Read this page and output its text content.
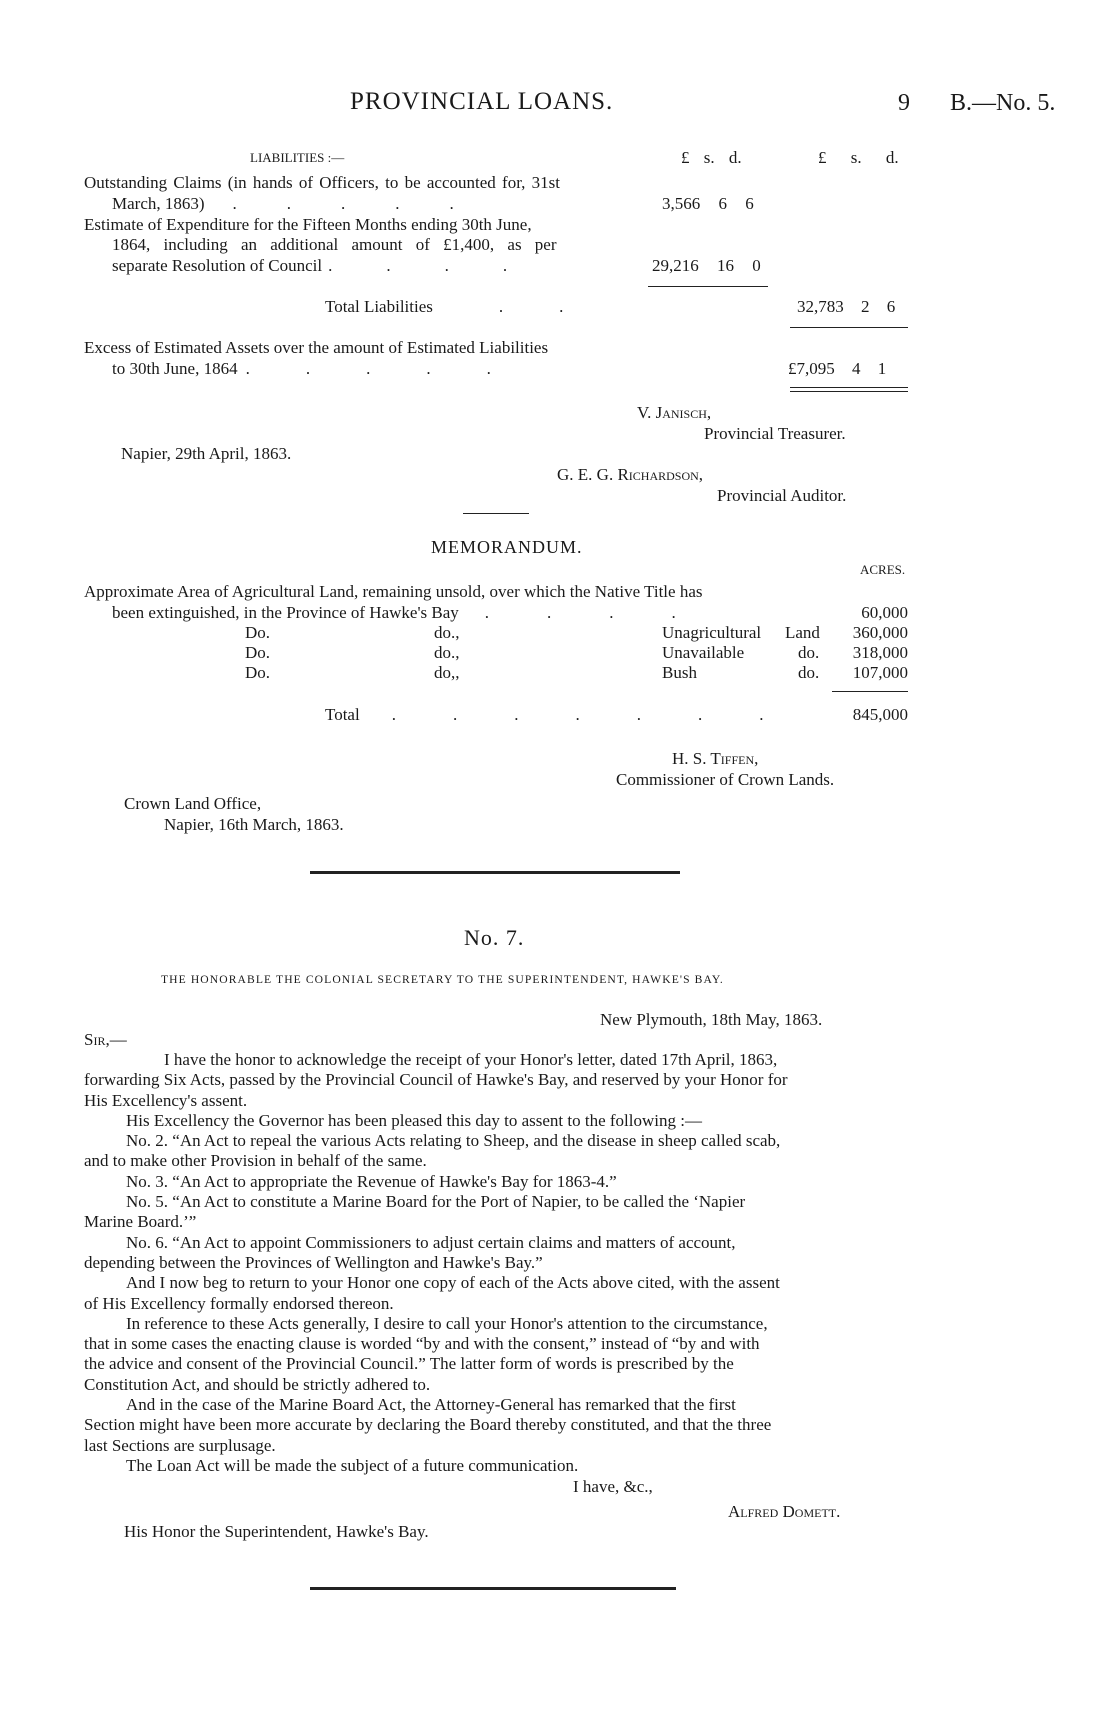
PROVINCIAL LOANS.	9 B.—No. 5.
LIABILITIES :—	£ s. d.	£ s. d.
Outstanding Claims (in hands of Officers, to be accounted for, 31st
March, 1863) .....	3,566 6 6
Estimate of Expenditure for the Fifteen Months ending 30th June,
1864, including an additional amount of £1,400, as per
separate Resolution of Council ....	29,216 16 0
Total Liabilities	..	32,783 2 6
Excess of Estimated Assets over the amount of Estimated Liabilities
to 30th June, 1864 .....	£7,095 4 1
V. Janisch,
Provincial Treasurer.
Napier, 29th April, 1863.
G. E. G. Richardson,
Provincial Auditor.
MEMORANDUM.
ACRES.
Approximate Area of Agricultural Land, remaining unsold, over which the Native Title has
been extinguished, in the Province of Hawke's Bay ....	60,000
Do.	do.,	Unagricultural Land	360,000
Do.	do.,	Unavailable	do.	318,000
Do.	do,,	Bush	do.	107,000
Total .......	845,000
H. S. Tiffen,
Commissioner of Crown Lands.
Crown Land Office,
Napier, 16th March, 1863.
No. 7.
THE HONORABLE THE COLONIAL SECRETARY TO THE SUPERINTENDENT, HAWKE'S BAY.
New Plymouth, 18th May, 1863.
Sir,—
I have the honor to acknowledge the receipt of your Honor's letter, dated 17th April, 1863,
forwarding Six Acts, passed by the Provincial Council of Hawke's Bay, and reserved by your Honor for
His Excellency's assent.
His Excellency the Governor has been pleased this day to assent to the following :—
No. 2. “An Act to repeal the various Acts relating to Sheep, and the disease in sheep called scab,
and to make other Provision in behalf of the same.
No. 3. “An Act to appropriate the Revenue of Hawke's Bay for 1863-4.”
No. 5. “An Act to constitute a Marine Board for the Port of Napier, to be called the ‘Napier
Marine Board.’”
No. 6. “An Act to appoint Commissioners to adjust certain claims and matters of account,
depending between the Provinces of Wellington and Hawke's Bay.”
And I now beg to return to your Honor one copy of each of the Acts above cited, with the assent
of His Excellency formally endorsed thereon.
In reference to these Acts generally, I desire to call your Honor's attention to the circumstance,
that in some cases the enacting clause is worded “by and with the consent,” instead of “by and with
the advice and consent of the Provincial Council.” The latter form of words is prescribed by the
Constitution Act, and should be strictly adhered to.
And in the case of the Marine Board Act, the Attorney-General has remarked that the first
Section might have been more accurate by declaring the Board thereby constituted, and that the three
last Sections are surplusage.
The Loan Act will be made the subject of a future communication.
I have, &c.,
Alfred Domett.
His Honor the Superintendent, Hawke's Bay.
